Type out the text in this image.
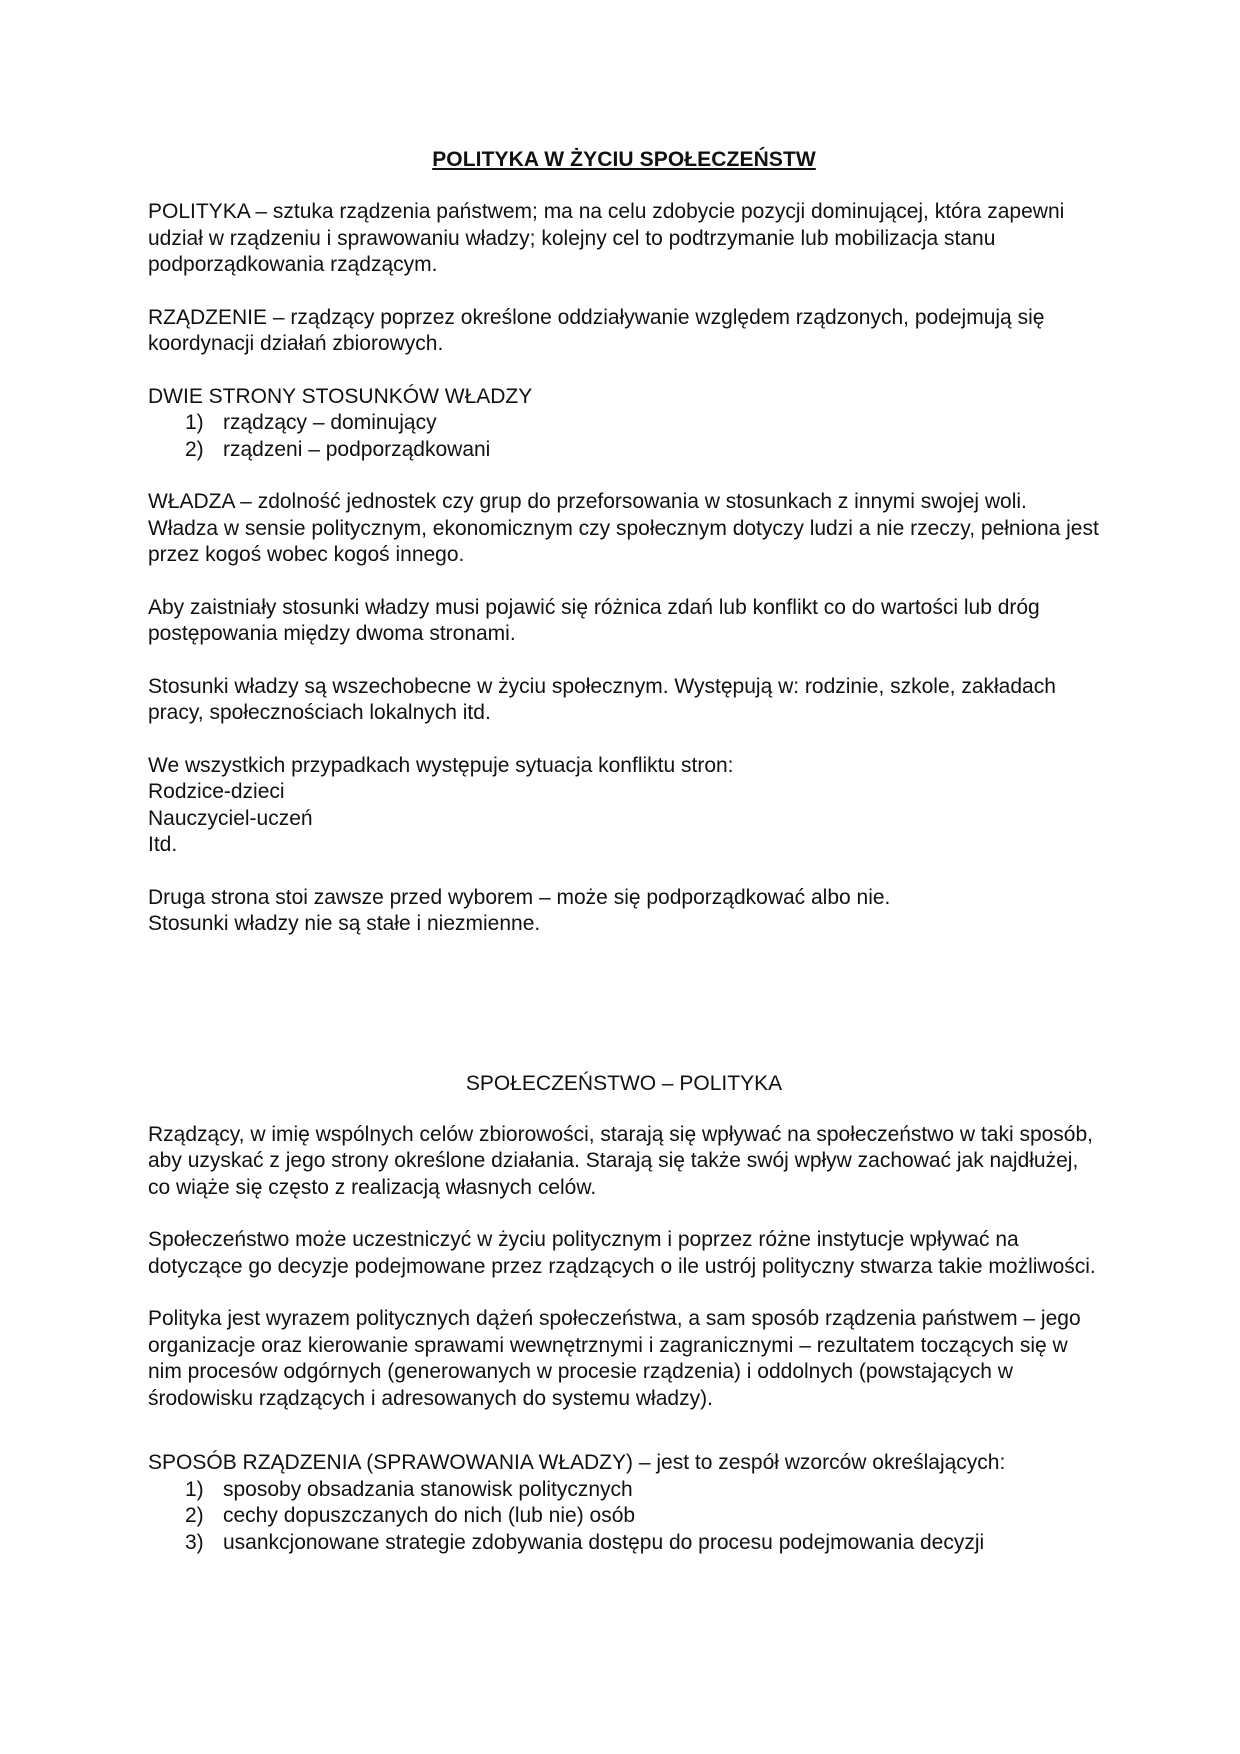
POLITYKA W ŻYCIU SPOŁECZEŃSTW

POLITYKA – sztuka rządzenia państwem; ma na celu zdobycie pozycji dominującej, która zapewni udział w rządzeniu i sprawowaniu władzy; kolejny cel to podtrzymanie lub mobilizacja stanu podporządkowania rządzącym.

RZĄDZENIE – rządzący poprzez określone oddziaływanie względem rządzonych, podejmują się koordynacji działań zbiorowych.

DWIE STRONY STOSUNKÓW WŁADZY

1) rządzący – dominujący
2) rządzeni – podporządkowani

WŁADZA – zdolność jednostek czy grup do przeforsowania w stosunkach z innymi swojej woli. Władza w sensie politycznym, ekonomicznym czy społecznym dotyczy ludzi a nie rzeczy, pełniona jest przez kogoś wobec kogoś innego.

Aby zaistniały stosunki władzy musi pojawić się różnica zdań lub konflikt co do wartości lub dróg postępowania między dwoma stronami.

Stosunki władzy są wszechobecne w życiu społecznym. Występują w: rodzinie, szkole, zakładach pracy, społecznościach lokalnych itd.

We wszystkich przypadkach występuje sytuacja konfliktu stron:

Rodzice-dzieci

Nauczyciel-uczeń

Itd.

Druga strona stoi zawsze przed wyborem – może się podporządkować albo nie.

Stosunki władzy nie są stałe i niezmienne.

SPOŁECZEŃSTWO – POLITYKA

Rządzący, w imię wspólnych celów zbiorowości, starają się wpływać na społeczeństwo w taki sposób, aby uzyskać z jego strony określone działania. Starają się także swój wpływ zachować jak najdłużej, co wiąże się często z realizacją własnych celów.

Społeczeństwo może uczestniczyć w życiu politycznym i poprzez różne instytucje wpływać na dotyczące go decyzje podejmowane przez rządzących o ile ustrój polityczny stwarza takie możliwości.

Polityka jest wyrazem politycznych dążeń społeczeństwa, a sam sposób rządzenia państwem – jego organizacje oraz kierowanie sprawami wewnętrznymi i zagranicznymi – rezultatem toczących się w nim procesów odgórnych (generowanych w procesie rządzenia) i oddolnych (powstających w środowisku rządzących i adresowanych do systemu władzy).

SPOSÓB RZĄDZENIA (SPRAWOWANIA WŁADZY) – jest to zespół wzorców określających:

1) sposoby obsadzania stanowisk politycznych
2) cechy dopuszczanych do nich (lub nie) osób
3) usankcjonowane strategie zdobywania dostępu do procesu podejmowania decyzji
